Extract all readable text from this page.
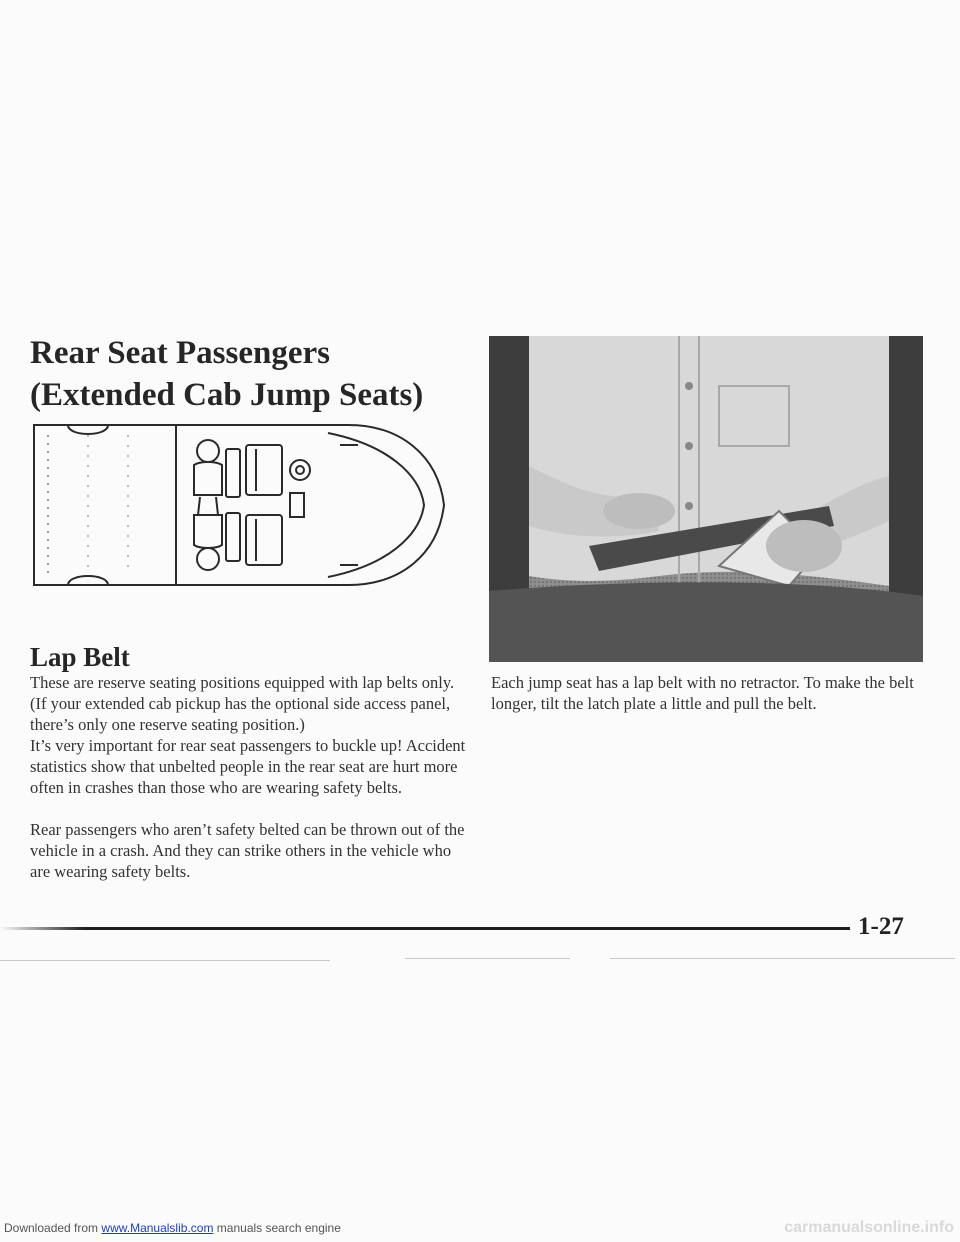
Rear Seat Passengers
(Extended Cab Jump Seats)
Lap Belt

These are reserve seating positions equipped with lap belts only. (If your extended cab pickup has the optional side access panel, there’s only one reserve seating position.)

It’s very important for rear seat passengers to buckle up! Accident statistics show that unbelted people in the rear seat are hurt more often in crashes than those who are wearing safety belts.

Rear passengers who aren’t safety belted can be thrown out of the vehicle in a crash. And they can strike others in the vehicle who are wearing safety belts.

Each jump seat has a lap belt with no retractor. To make the belt longer, tilt the latch plate a little and pull the belt.

1-27

Downloaded from www.Manualslib.com manuals search engine	carmanualsonline.info
